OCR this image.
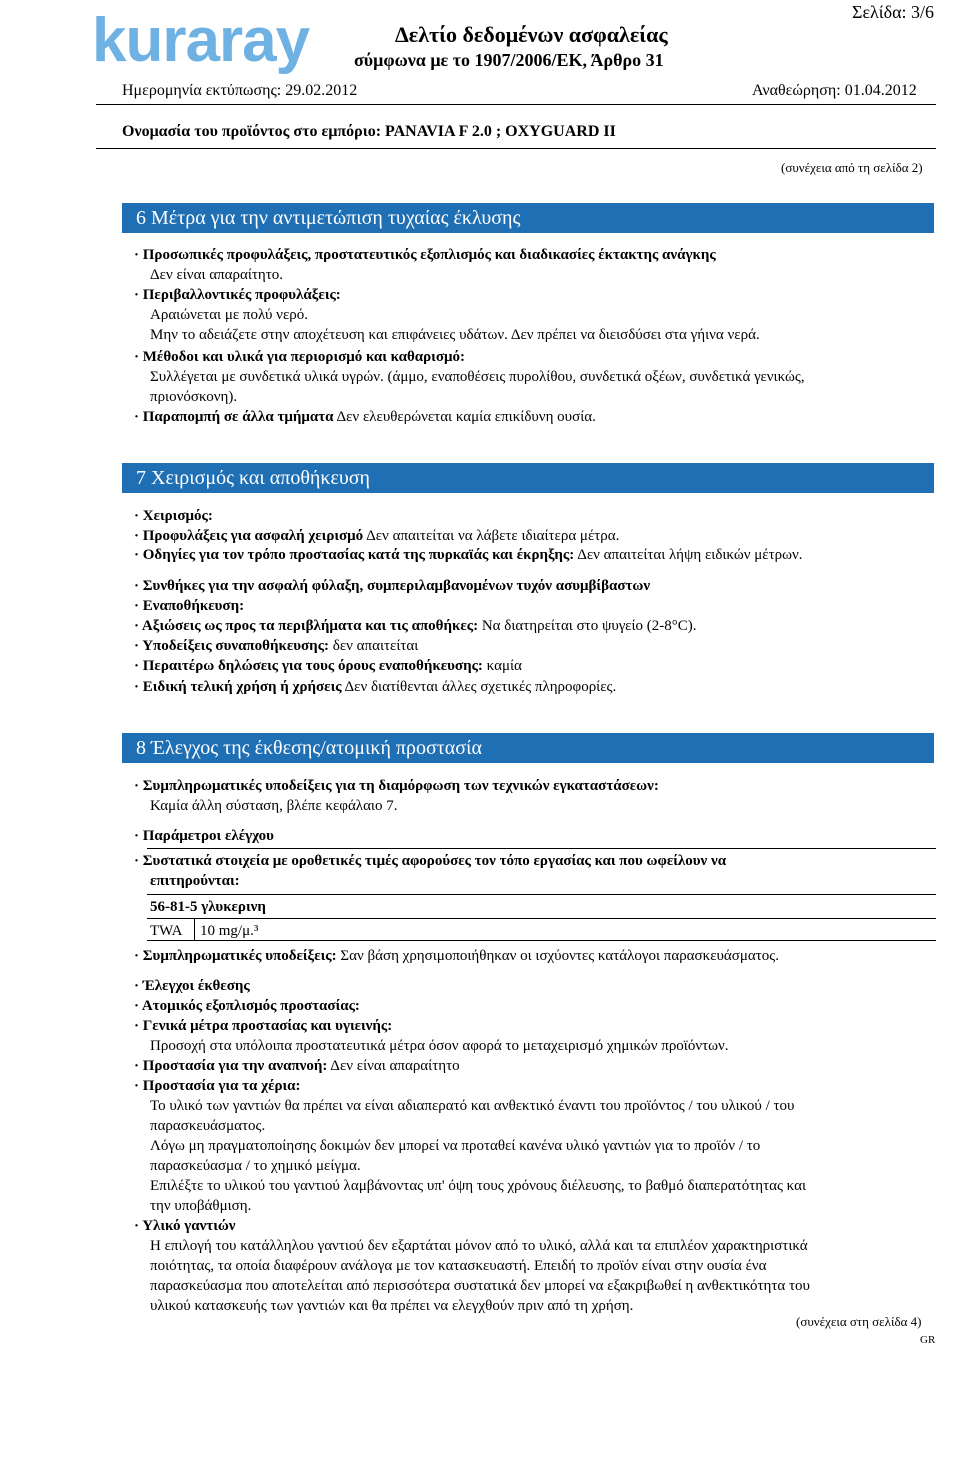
kuraray	Σελίδα: 3/6
Δελτίο δεδομένων ασφαλείας
σύμφωνα με το 1907/2006/ΕΚ, Άρθρο 31
Ημερομηνία εκτύπωσης: 29.02.2012	Αναθεώρηση: 01.04.2012
Ονομασία του προϊόντος στο εμπόριο: PANAVIA F 2.0 ; OXYGUARD II
(συνέχεια από τη σελίδα 2)
6 Μέτρα για την αντιμετώπιση τυχαίας έκλυσης
· Προσωπικές προφυλάξεις, προστατευτικός εξοπλισμός και διαδικασίες έκτακτης ανάγκης
Δεν είναι απαραίτητο.
· Περιβαλλοντικές προφυλάξεις:
Αραιώνεται με πολύ νερό.
Μην το αδειάζετε στην αποχέτευση και επιφάνειες υδάτων. Δεν πρέπει να διεισδύσει στα γήινα νερά.
· Μέθοδοι και υλικά για περιορισμό και καθαρισμό:
Συλλέγεται με συνδετικά υλικά υγρών. (άμμο, εναποθέσεις πυρολίθου, συνδετικά οξέων, συνδετικά γενικώς,
πριονόσκονη).
· Παραπομπή σε άλλα τμήματα Δεν ελευθερώνεται καμία επικίδυνη ουσία.
7 Χειρισμός και αποθήκευση
· Χειρισμός:
· Προφυλάξεις για ασφαλή χειρισμό Δεν απαιτείται να λάβετε ιδιαίτερα μέτρα.
· Οδηγίες για τον τρόπο προστασίας κατά της πυρκαϊάς και έκρηξης: Δεν απαιτείται λήψη ειδικών μέτρων.
· Συνθήκες για την ασφαλή φύλαξη, συμπεριλαμβανομένων τυχόν ασυμβίβαστων
· Εναποθήκευση:
· Αξιώσεις ως προς τα περιβλήματα και τις αποθήκες: Να διατηρείται στο ψυγείο (2-8°C).
· Υποδείξεις συναποθήκευσης: δεν απαιτείται
· Περαιτέρω δηλώσεις για τους όρους εναποθήκευσης: καμία
· Ειδική τελική χρήση ή χρήσεις Δεν διατίθενται άλλες σχετικές πληροφορίες.
8 Έλεγχος της έκθεσης/ατομική προστασία
· Συμπληρωματικές υποδείξεις για τη διαμόρφωση των τεχνικών εγκαταστάσεων:
Καμία άλλη σύσταση, βλέπε κεφάλαιο 7.
· Παράμετροι ελέγχου
· Συστατικά στοιχεία με οροθετικές τιμές αφορούσες τον τόπο εργασίας και που ωφείλουν να
επιτηρούνται:
56-81-5 γλυκερινη
TWA 10 mg/μ.³
· Συμπληρωματικές υποδείξεις: Σαν βάση χρησιμοποιήθηκαν οι ισχύοντες κατάλογοι παρασκευάσματος.
· Έλεγχοι έκθεσης
· Ατομικός εξοπλισμός προστασίας:
· Γενικά μέτρα προστασίας και υγιεινής:
Προσοχή στα υπόλοιπα προστατευτικά μέτρα όσον αφορά το μεταχειρισμό χημικών προϊόντων.
· Προστασία για την αναπνοή: Δεν είναι απαραίτητο
· Προστασία για τα χέρια:
Το υλικό των γαντιών θα πρέπει να είναι αδιαπερατό και ανθεκτικό έναντι του προϊόντος / του υλικού / του
παρασκευάσματος.
Λόγω μη πραγματοποίησης δοκιμών δεν μπορεί να προταθεί κανένα υλικό γαντιών για το προϊόν / το
παρασκεύασμα / το χημικό μείγμα.
Επιλέξτε το υλικού του γαντιού λαμβάνοντας υπ' όψη τους χρόνους διέλευσης, το βαθμό διαπερατότητας και
την υποβάθμιση.
· Υλικό γαντιών
Η επιλογή του κατάλληλου γαντιού δεν εξαρτάται μόνον από το υλικό, αλλά και τα επιπλέον χαρακτηριστικά
ποιότητας, τα οποία διαφέρουν ανάλογα με τον κατασκευαστή. Επειδή το προϊόν είναι στην ουσία ένα
παρασκεύασμα που αποτελείται από περισσότερα συστατικά δεν μπορεί να εξακριβωθεί η ανθεκτικότητα του
υλικού κατασκευής των γαντιών και θα πρέπει να ελεγχθούν πριν από τη χρήση.
(συνέχεια στη σελίδα 4)
GR
